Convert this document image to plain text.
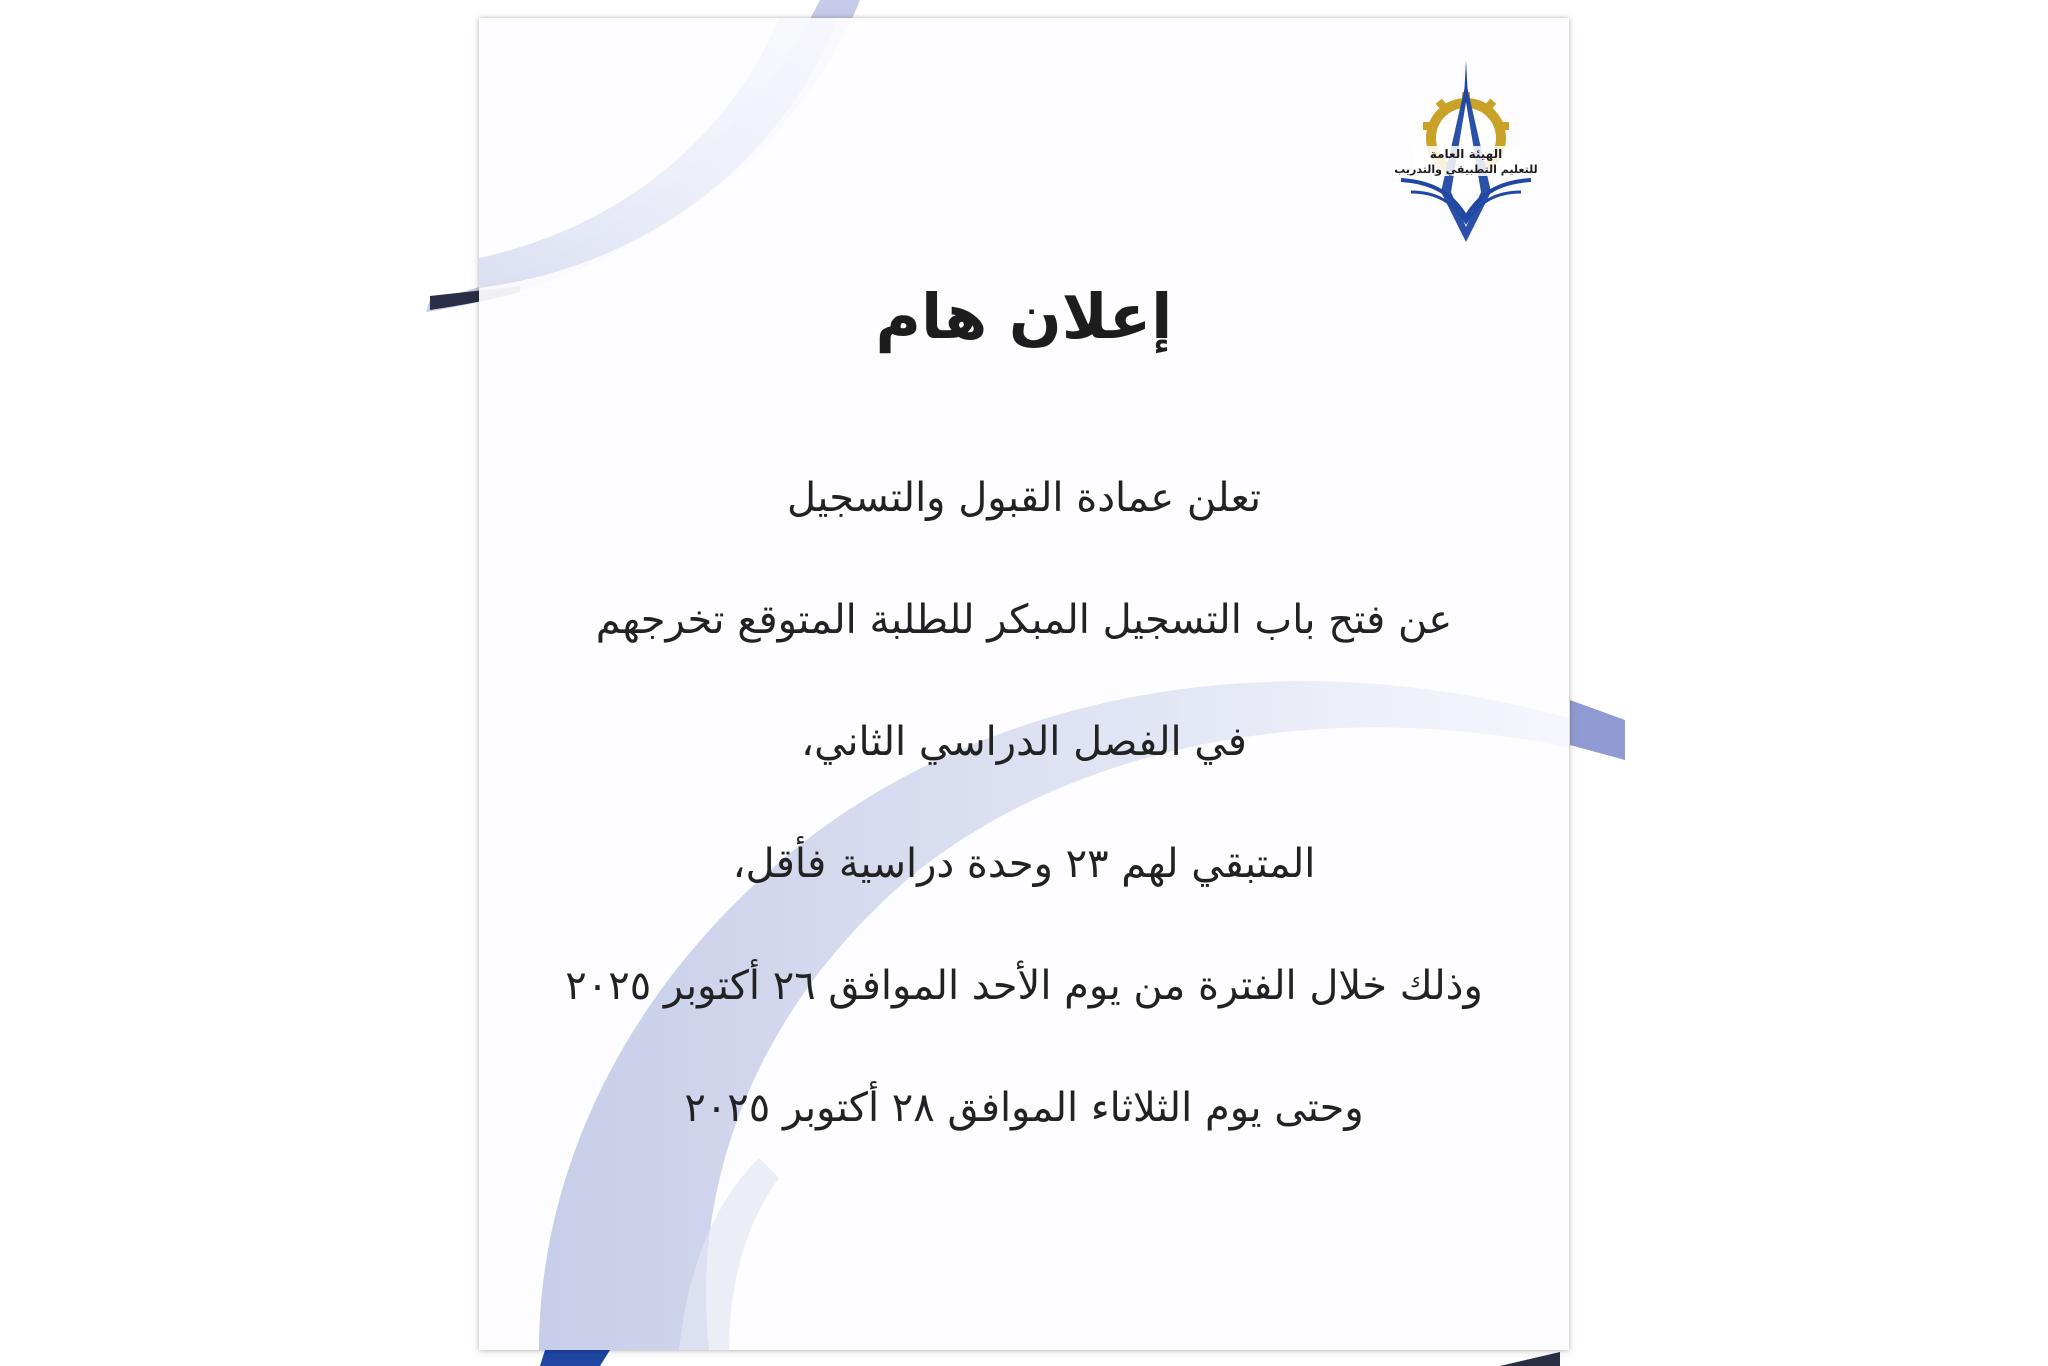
الهيئة العامة
للتعليم التطبيقي والتدريب
إعلان هام
تعلن عمادة القبول والتسجيل
عن فتح باب التسجيل المبكر للطلبة المتوقع تخرجهم
في الفصل الدراسي الثاني،
المتبقي لهم ٢٣ وحدة دراسية فأقل،
وذلك خلال الفترة من يوم الأحد الموافق ٢٦ أكتوبر ٢٠٢٥
وحتى يوم الثلاثاء الموافق ٢٨ أكتوبر ٢٠٢٥
